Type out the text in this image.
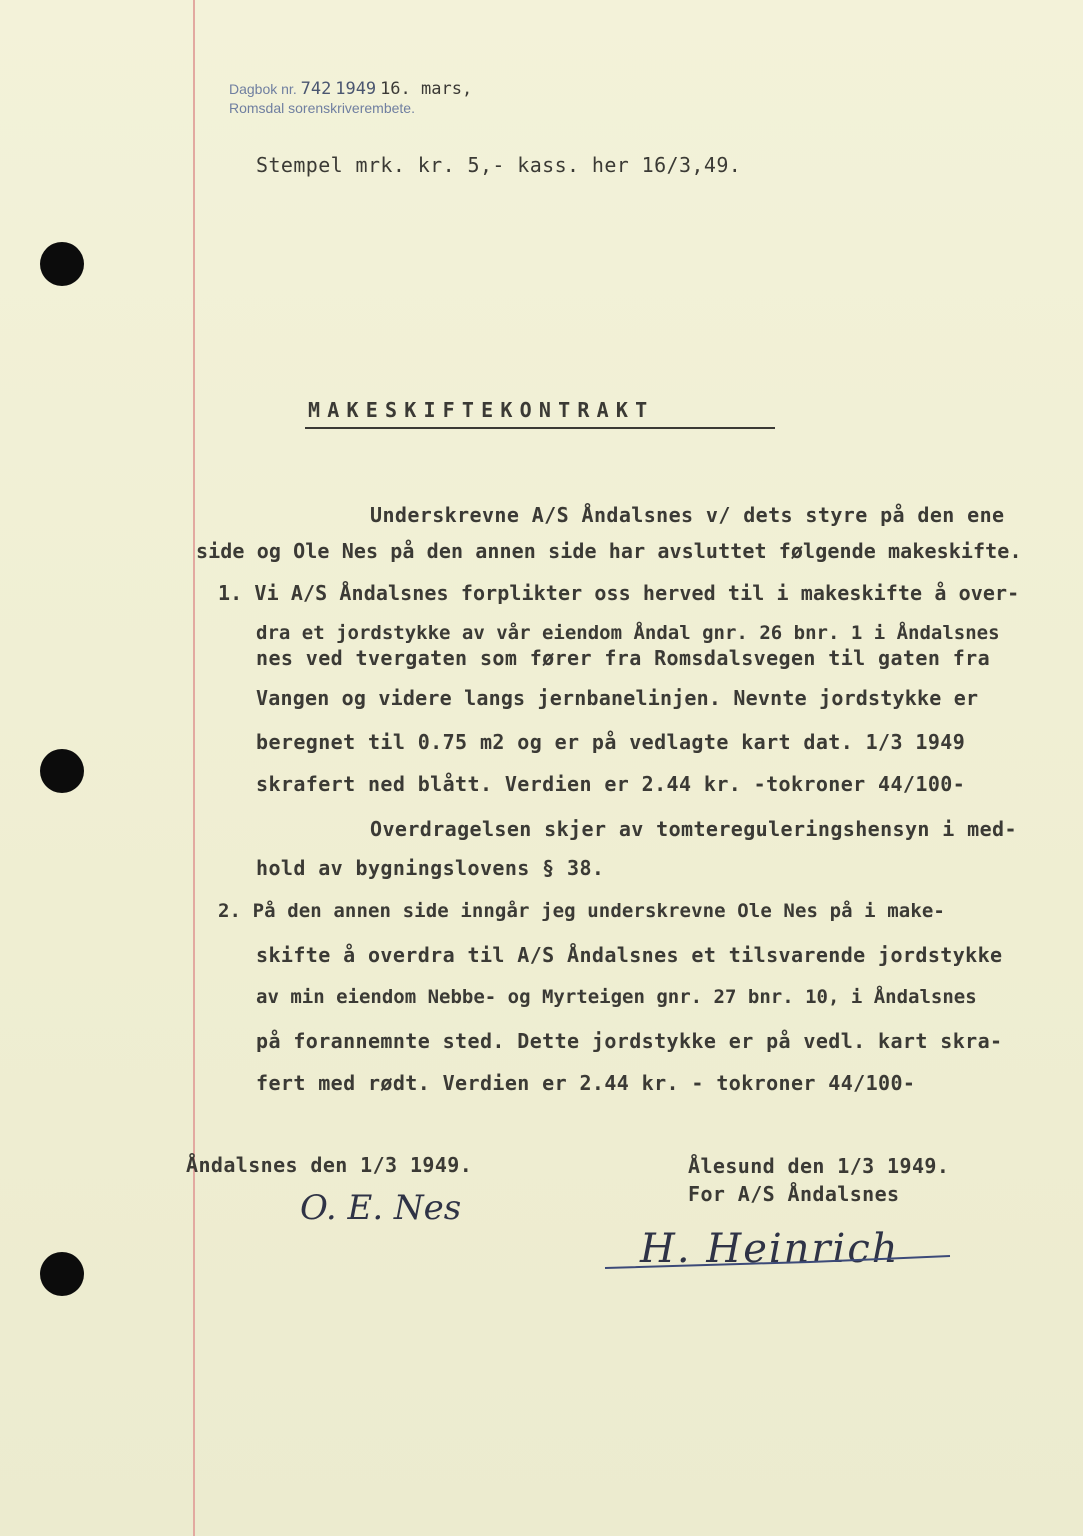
Dagbok nr. 742 1949 16. mars,
Romsdal sorenskriverembete.
Stempel mrk. kr. 5,- kass. her 16/3,49.
MAKESKIFTEKONTRAKT
Underskrevne A/S Åndalsnes v/ dets styre på den ene
side og Ole Nes på den annen side har avsluttet følgende makeskifte.
1. Vi A/S Åndalsnes forplikter oss herved til i makeskifte å over-
dra et jordstykke av vår eiendom Åndal gnr. 26 bnr. 1 i Åndalsnes
nes ved tvergaten som fører fra Romsdalsvegen til gaten fra
Vangen og videre langs jernbanelinjen. Nevnte jordstykke er
beregnet til 0.75 m2 og er på vedlagte kart dat. 1/3 1949
skrafert ned blått. Verdien er 2.44 kr. -tokroner 44/100-
Overdragelsen skjer av tomtereguleringshensyn i med-
hold av bygningslovens § 38.
2. På den annen side inngår jeg underskrevne Ole Nes på i make-
skifte å overdra til A/S Åndalsnes et tilsvarende jordstykke
av min eiendom Nebbe- og Myrteigen gnr. 27 bnr. 10, i Åndalsnes
på forannemnte sted. Dette jordstykke er på vedl. kart skra-
fert med rødt. Verdien er 2.44 kr. - tokroner 44/100-
Åndalsnes den 1/3 1949.	Ålesund den 1/3 1949.
For A/S Åndalsnes
O. E. Nes
H. Heinrich
